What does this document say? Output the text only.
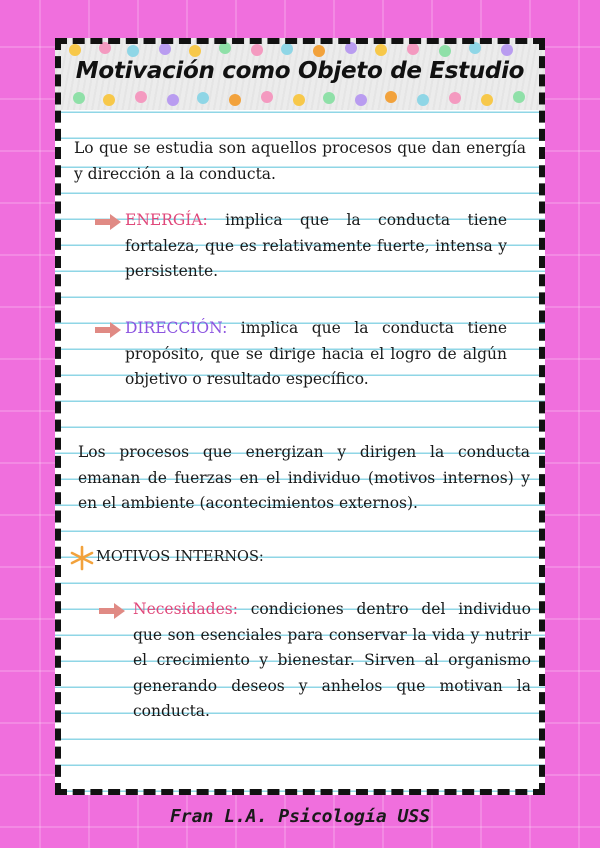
Motivación como Objeto de Estudio

Lo que se estudia son aquellos procesos que dan energía y dirección a la conducta.

ENERGÍA: implica que la conducta tiene fortaleza, que es relativamente fuerte, intensa y persistente.

DIRECCIÓN: implica que la conducta tiene propósito, que se dirige hacia el logro de algún objetivo o resultado específico.

Los procesos que energizan y dirigen la conducta emanan de fuerzas en el individuo (motivos internos) y en el ambiente (acontecimientos externos).

MOTIVOS INTERNOS:

Necesidades: condiciones dentro del individuo que son esenciales para conservar la vida y nutrir el crecimiento y bienestar. Sirven al organismo generando deseos y anhelos que motivan la conducta.

Fran L.A. Psicología USS
